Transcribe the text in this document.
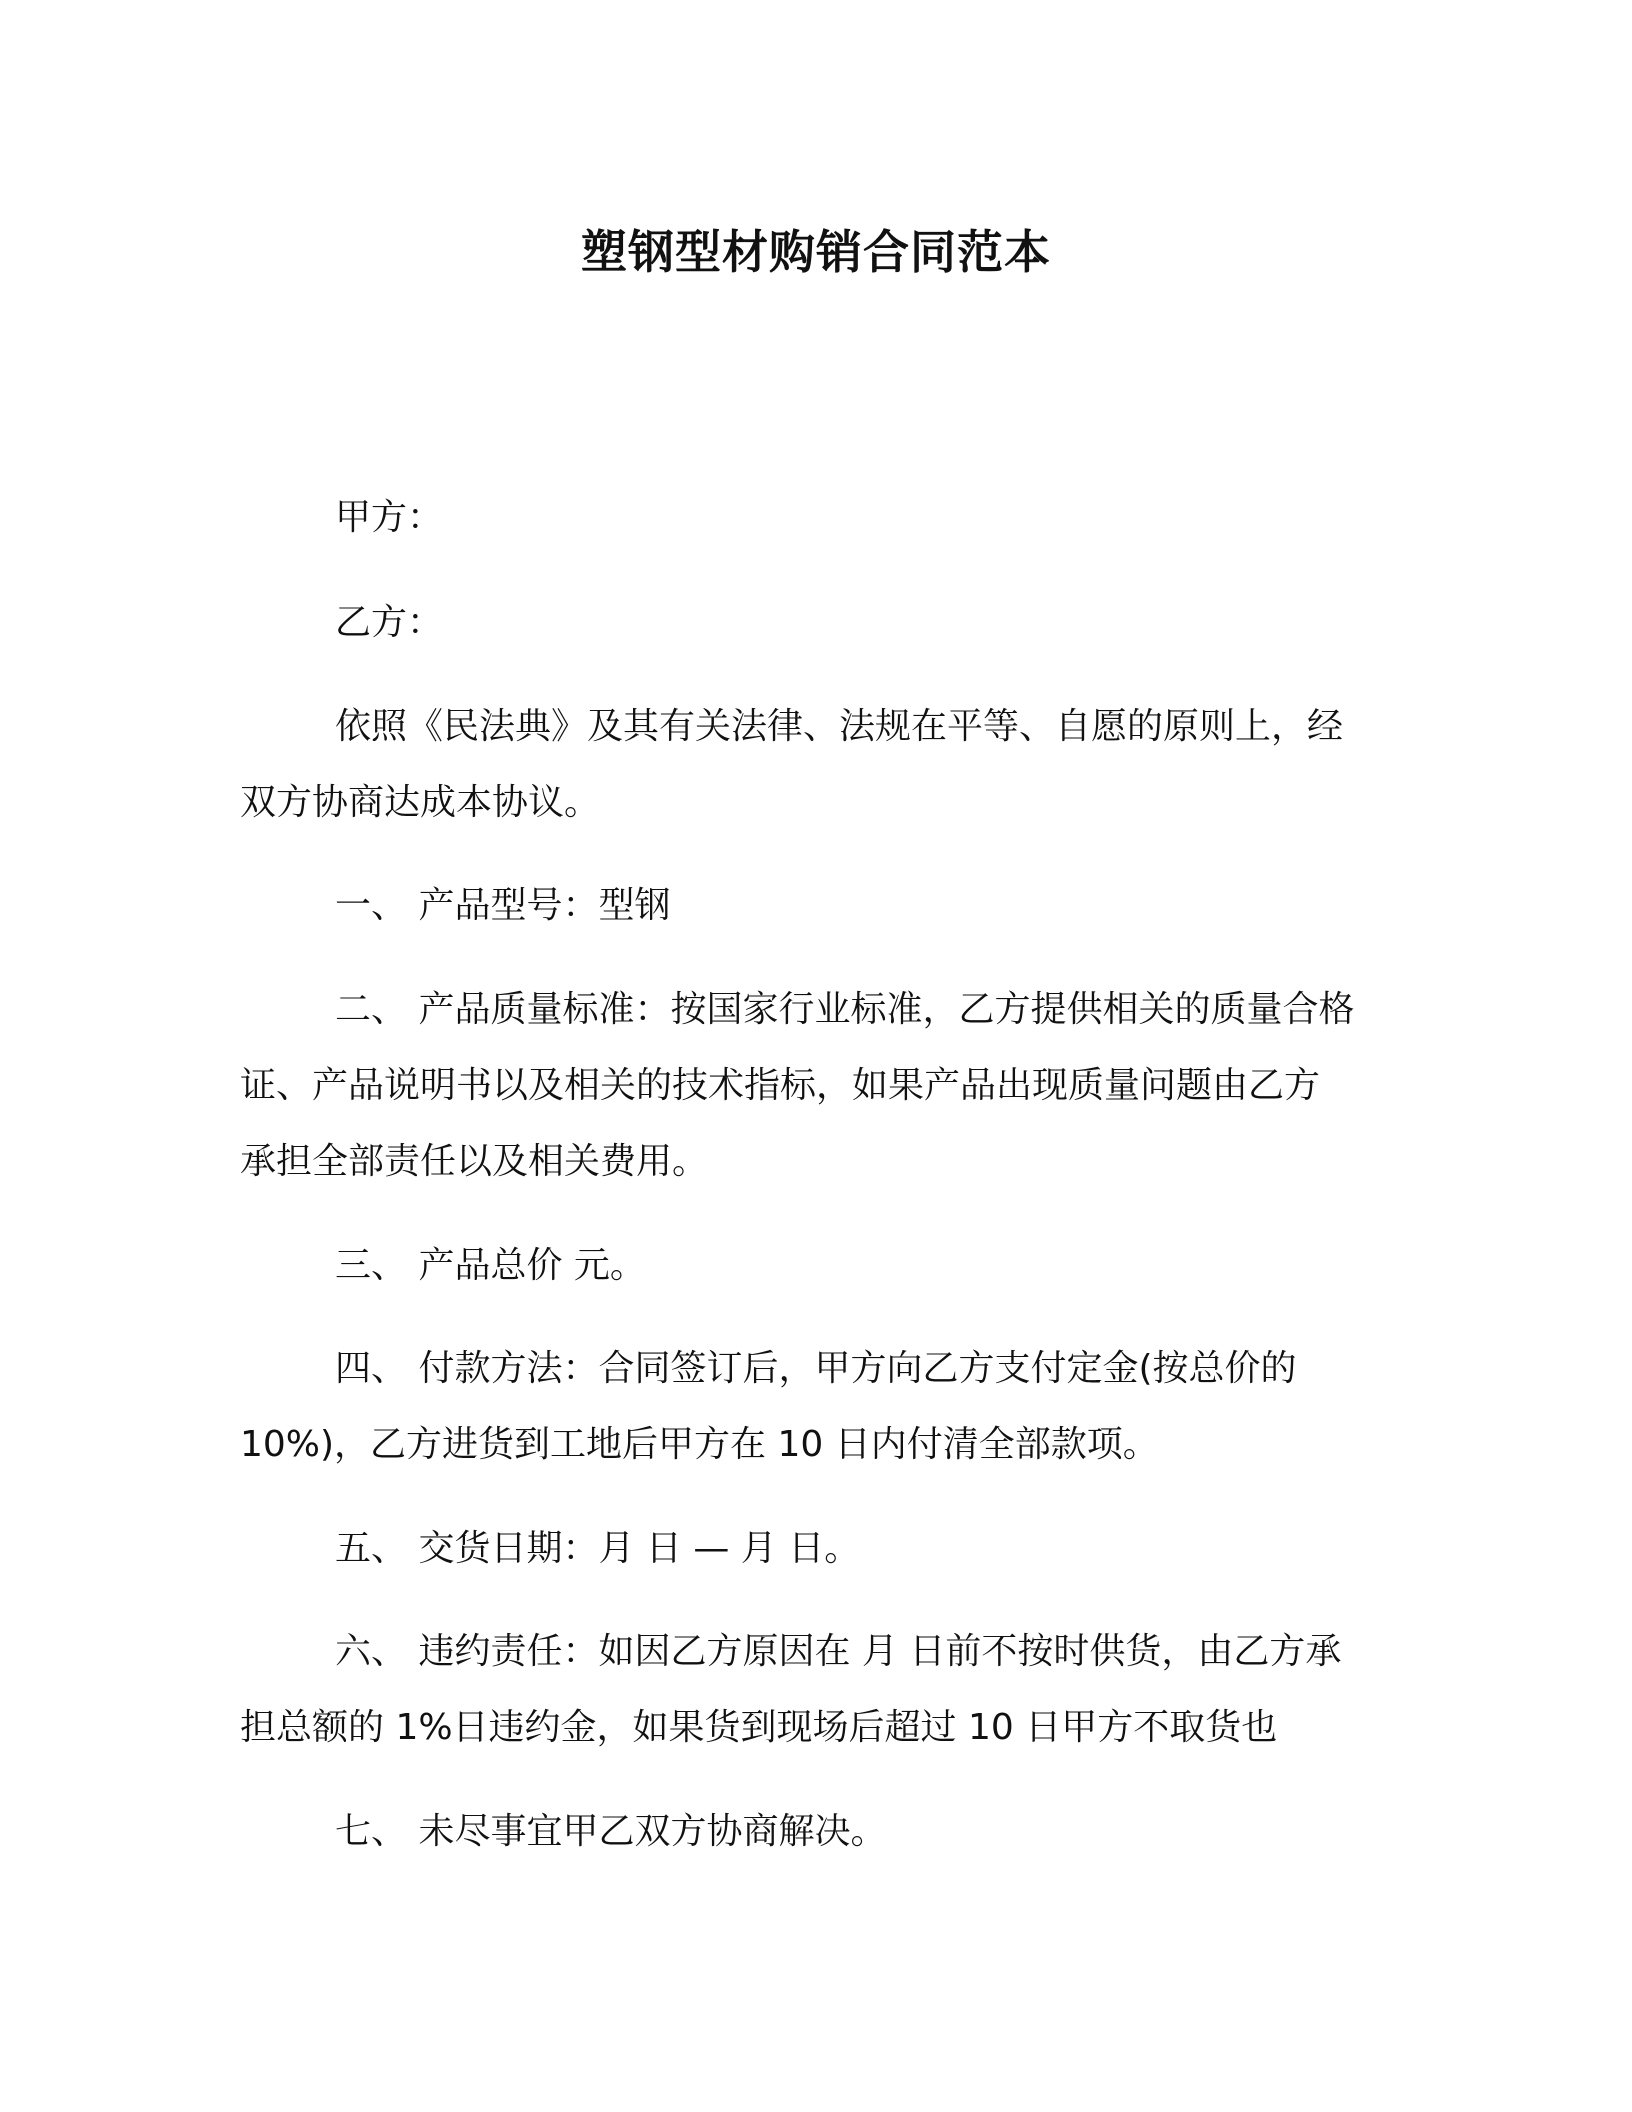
塑钢型材购销合同范本
甲方：
乙方：
依照《民法典》及其有关法律、法规在平等、自愿的原则上，经
双方协商达成本协议。
一、 产品型号：型钢
二、 产品质量标准：按国家行业标准，乙方提供相关的质量合格
证、产品说明书以及相关的技术指标，如果产品出现质量问题由乙方
承担全部责任以及相关费用。
三、 产品总价 元。
四、 付款方法：合同签订后，甲方向乙方支付定金(按总价的
10%)，乙方进货到工地后甲方在 10 日内付清全部款项。
五、 交货日期：月 日 — 月 日。
六、 违约责任：如因乙方原因在 月 日前不按时供货，由乙方承
担总额的 1%日违约金，如果货到现场后超过 10 日甲方不取货也
七、 未尽事宜甲乙双方协商解决。
